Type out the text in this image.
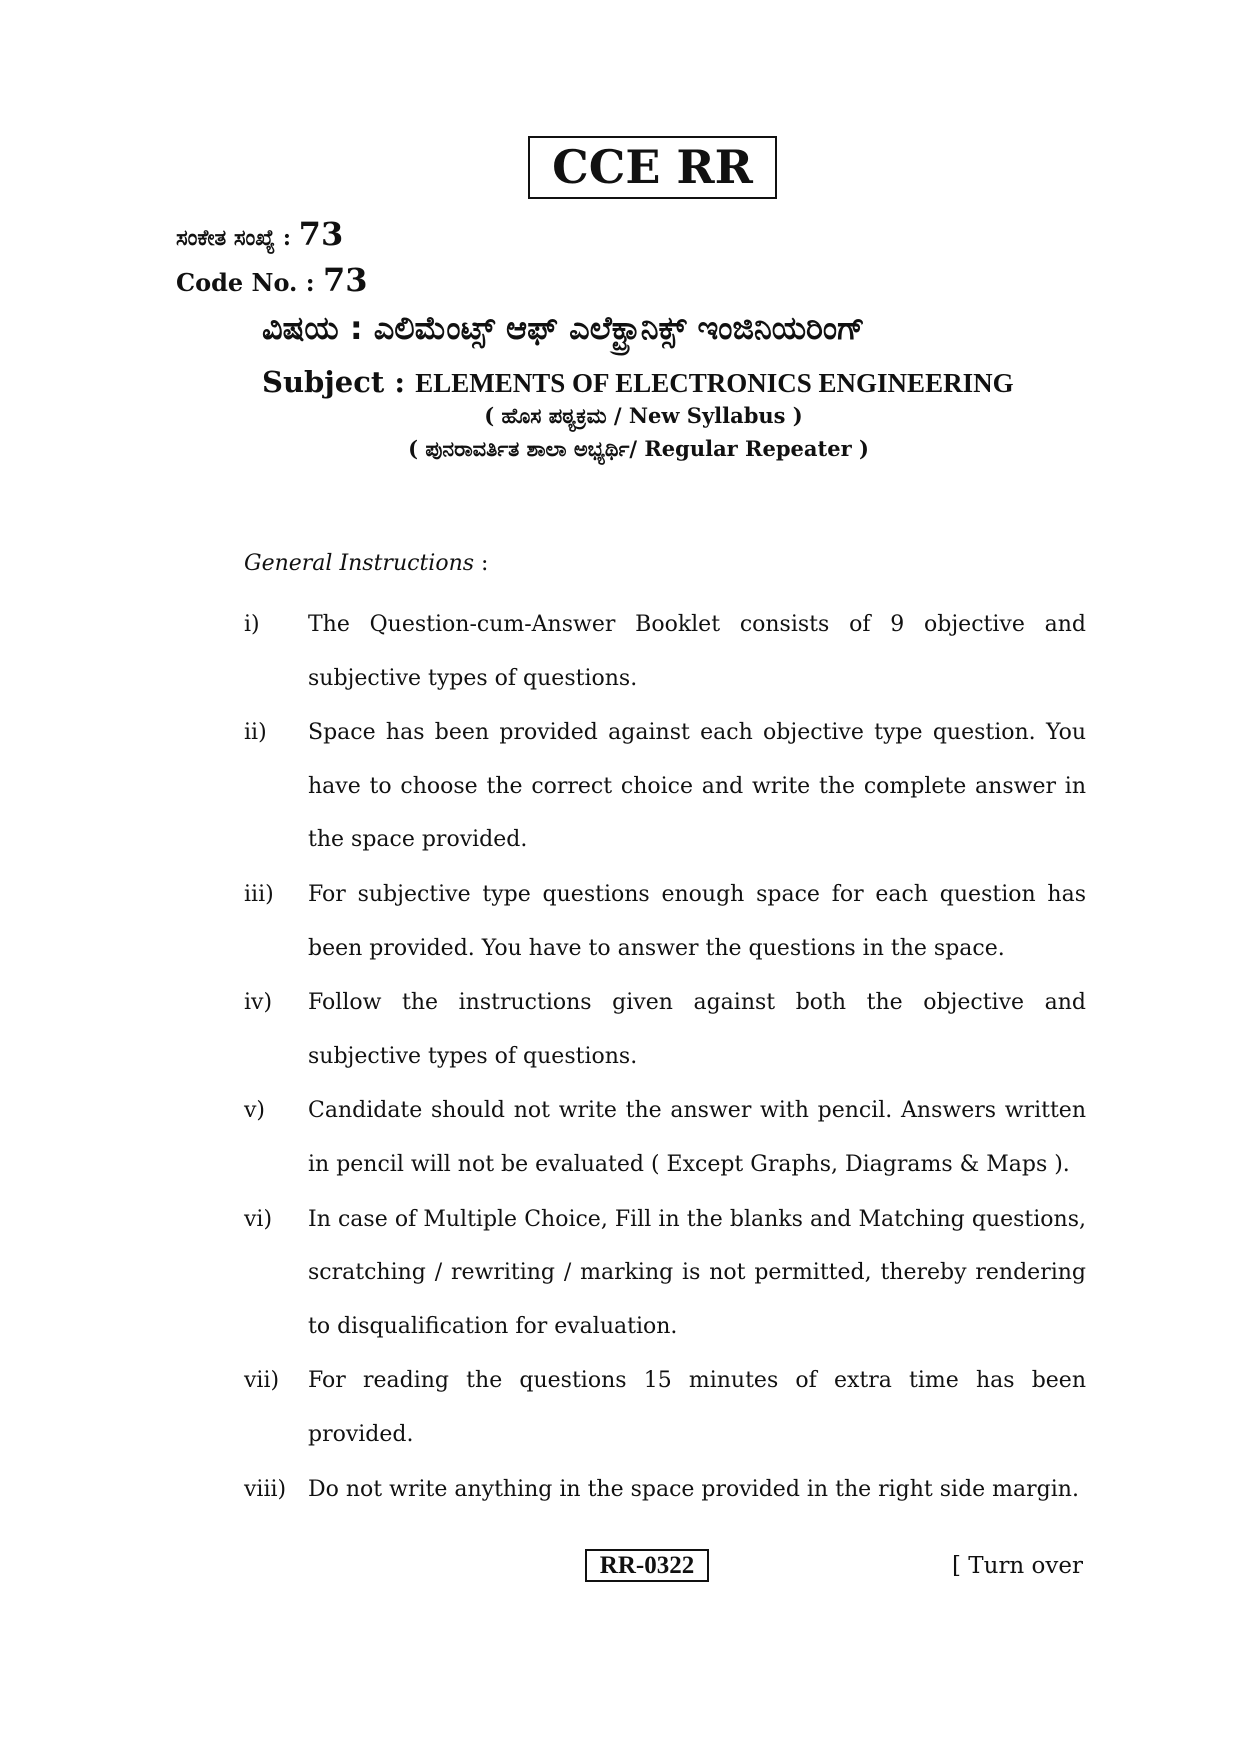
CCE RR
ಸಂಕೇತ ಸಂಖ್ಯೆ : 73
Code No. : 73
ವಿಷಯ : ಎಲಿಮೆಂಟ್ಸ್ ಆಫ್ ಎಲೆಕ್ಟ್ರಾನಿಕ್ಸ್ ಇಂಜಿನಿಯರಿಂಗ್
Subject : ELEMENTS OF ELECTRONICS ENGINEERING
( ಹೊಸ ಪಠ್ಯಕ್ರಮ / New Syllabus )
( ಪುನರಾವರ್ತಿತ ಶಾಲಾ ಅಭ್ಯರ್ಥಿ/ Regular Repeater )
General Instructions :
i)	The Question-cum-Answer Booklet consists of 9 objective and subjective types of questions.
ii)	Space has been provided against each objective type question. You have to choose the correct choice and write the complete answer in the space provided.
iii)	For subjective type questions enough space for each question has been provided. You have to answer the questions in the space.
iv)	Follow the instructions given against both the objective and subjective types of questions.
v)	Candidate should not write the answer with pencil. Answers written in pencil will not be evaluated ( Except Graphs, Diagrams & Maps ).
vi)	In case of Multiple Choice, Fill in the blanks and Matching questions, scratching / rewriting / marking is not permitted, thereby rendering to disqualification for evaluation.
vii)	For reading the questions 15 minutes of extra time has been provided.
viii) Do not write anything in the space provided in the right side margin.
RR-0322	[ Turn over
